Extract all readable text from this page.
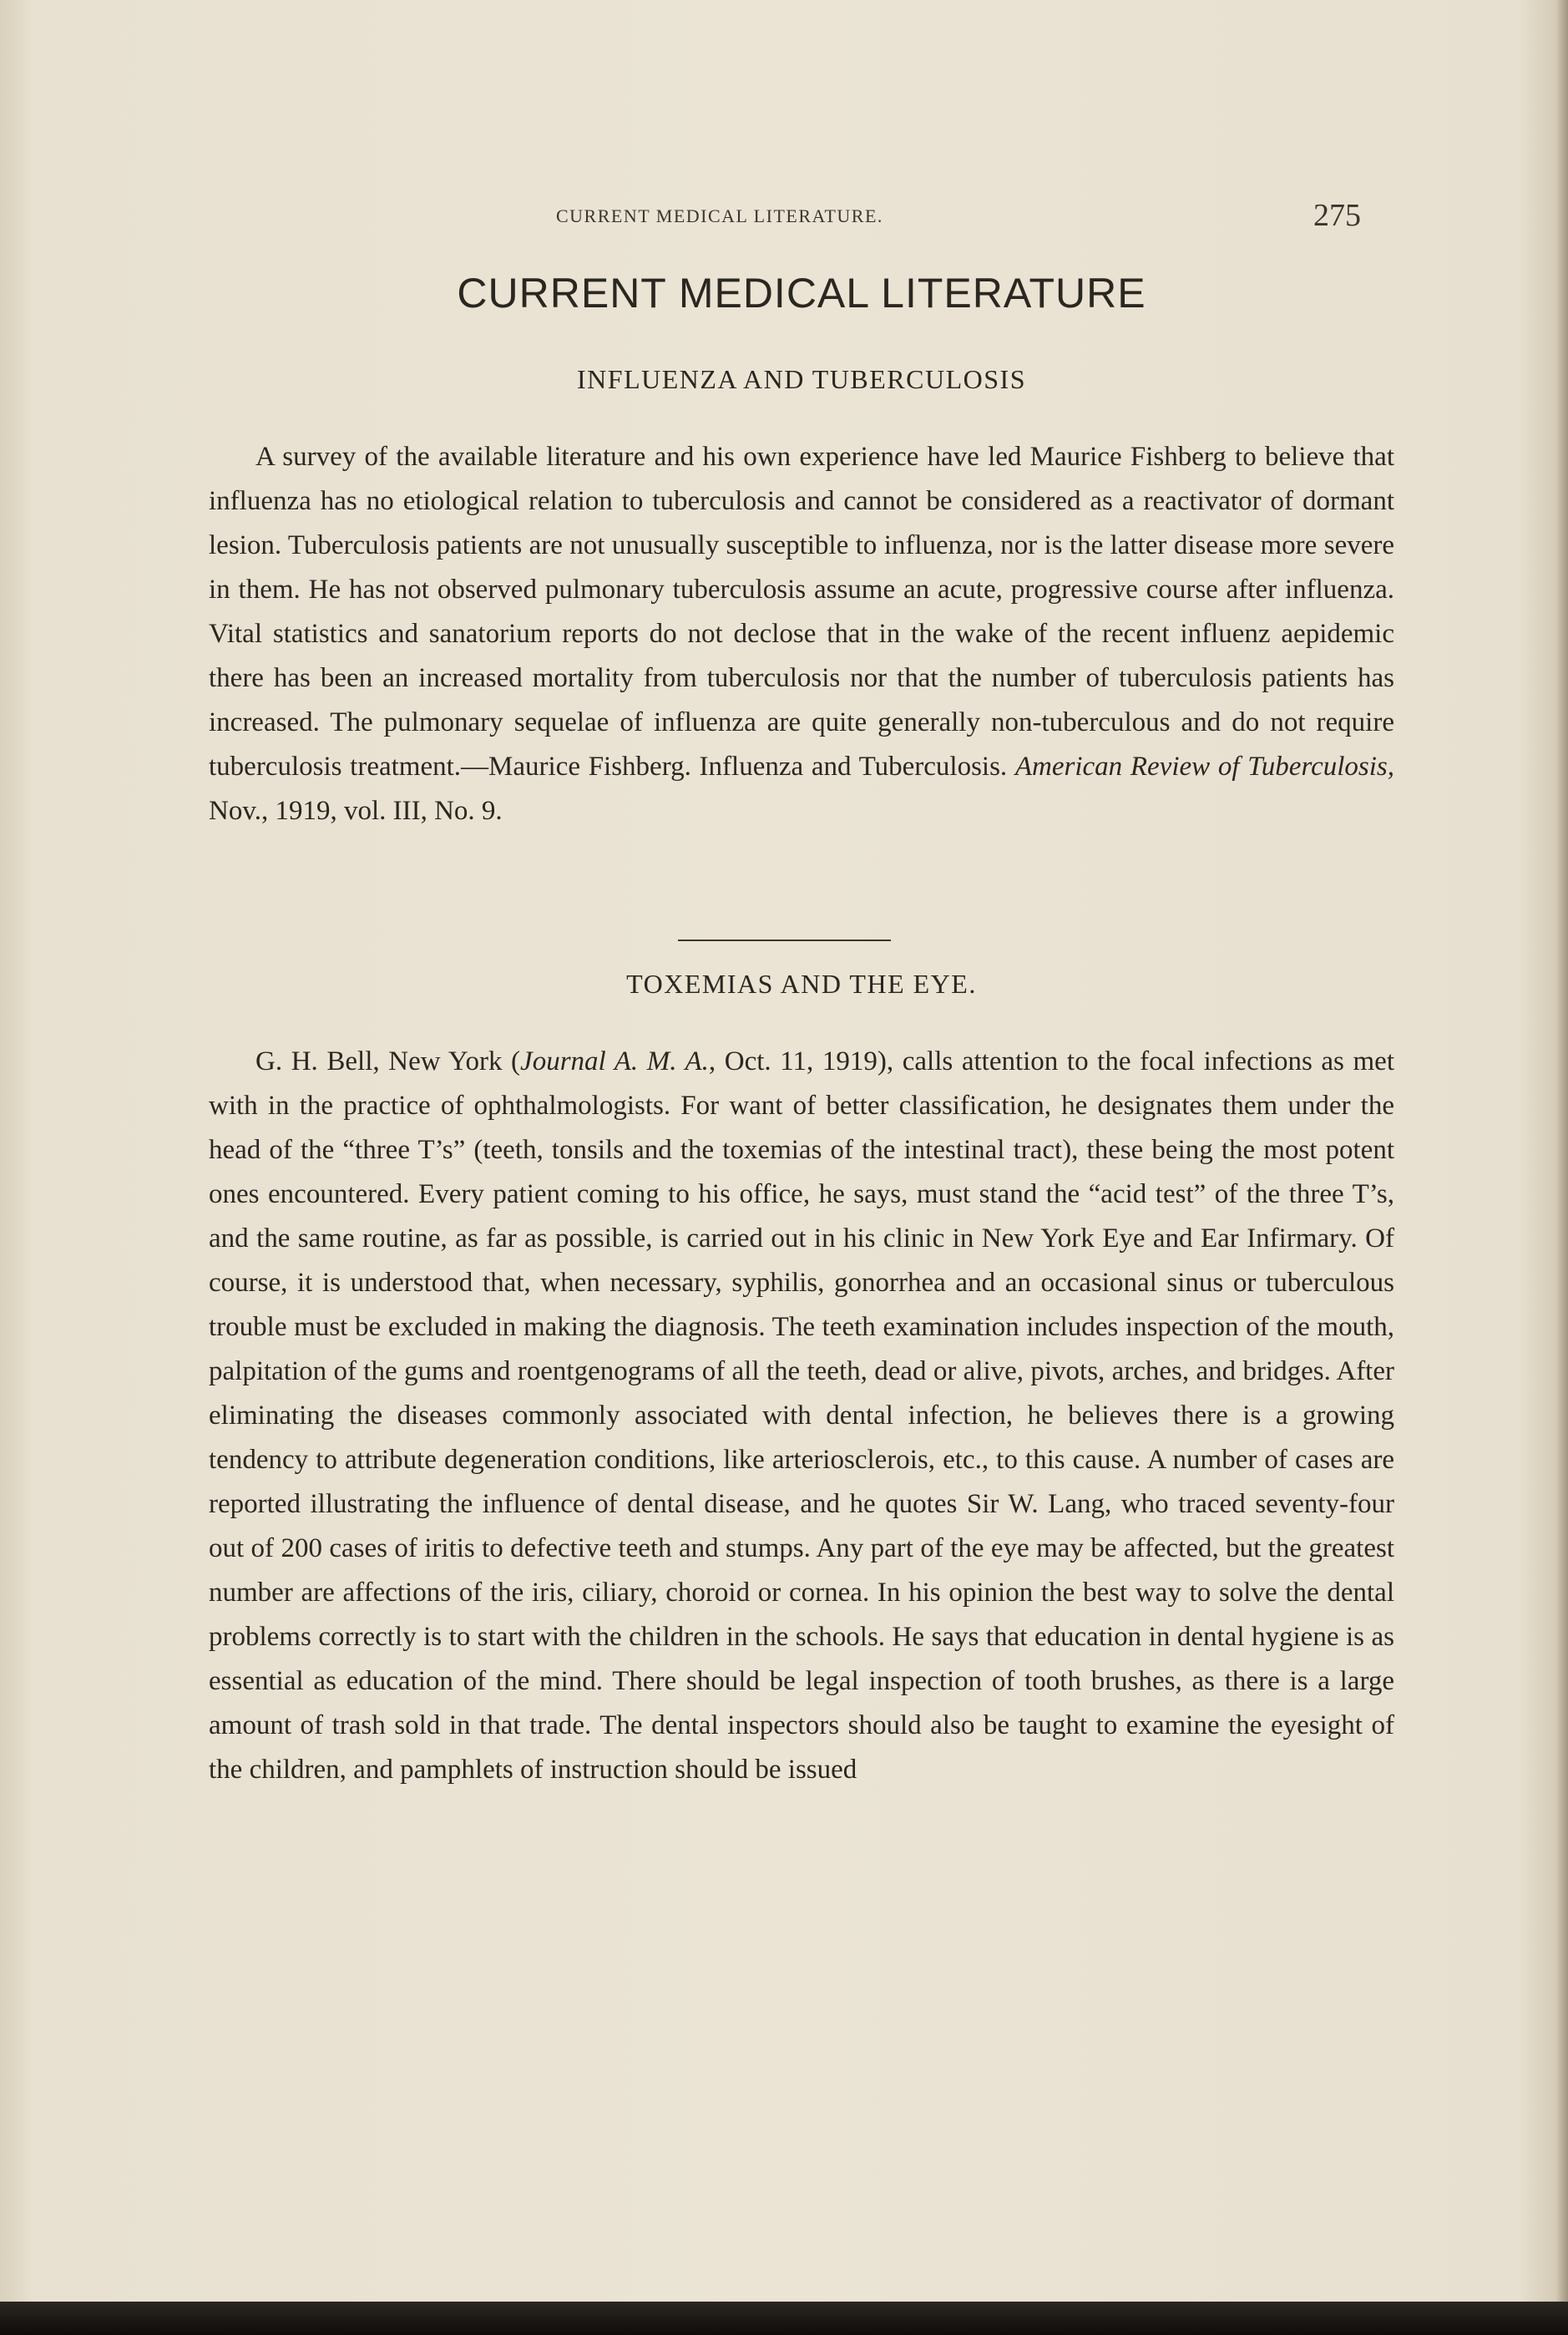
CURRENT MEDICAL LITERATURE.	275
CURRENT MEDICAL LITERATURE
INFLUENZA AND TUBERCULOSIS

A survey of the available literature and his own experience have led Maurice Fishberg to believe that influenza has no etiological relation to tuberculosis and cannot be considered as a reactivator of dormant lesion. Tuberculosis patients are not unusually susceptible to influenza, nor is the latter disease more severe in them. He has not observed pulmonary tuberculosis assume an acute, progressive course after influenza. Vital statistics and sanatorium reports do not declose that in the wake of the recent influenz aepidemic there has been an increased mortality from tuberculosis nor that the number of tuberculosis patients has increased. The pulmonary sequelae of influenza are quite generally non-tuberculous and do not require tuberculosis treatment.—Maurice Fishberg. Influenza and Tuberculosis. American Review of Tuberculosis, Nov., 1919, vol. III, No. 9.

TOXEMIAS AND THE EYE.

G. H. Bell, New York (Journal A. M. A., Oct. 11, 1919), calls attention to the focal infections as met with in the practice of ophthalmologists. For want of better classification, he designates them under the head of the “three T’s” (teeth, tonsils and the toxemias of the intestinal tract), these being the most potent ones encountered. Every patient coming to his office, he says, must stand the “acid test” of the three T’s, and the same routine, as far as possible, is carried out in his clinic in New York Eye and Ear Infirmary. Of course, it is understood that, when necessary, syphilis, gonorrhea and an occasional sinus or tuberculous trouble must be excluded in making the diagnosis. The teeth examination includes inspection of the mouth, palpitation of the gums and roentgenograms of all the teeth, dead or alive, pivots, arches, and bridges. After eliminating the diseases commonly associated with dental infection, he believes there is a growing tendency to attribute degeneration conditions, like arteriosclerois, etc., to this cause. A number of cases are reported illustrating the influence of dental disease, and he quotes Sir W. Lang, who traced seventy-four out of 200 cases of iritis to defective teeth and stumps. Any part of the eye may be affected, but the greatest number are affections of the iris, ciliary, choroid or cornea. In his opinion the best way to solve the dental problems correctly is to start with the children in the schools. He says that education in dental hygiene is as essential as education of the mind. There should be legal inspection of tooth brushes, as there is a large amount of trash sold in that trade. The dental inspectors should also be taught to examine the eyesight of the children, and pamphlets of instruction should be issued
